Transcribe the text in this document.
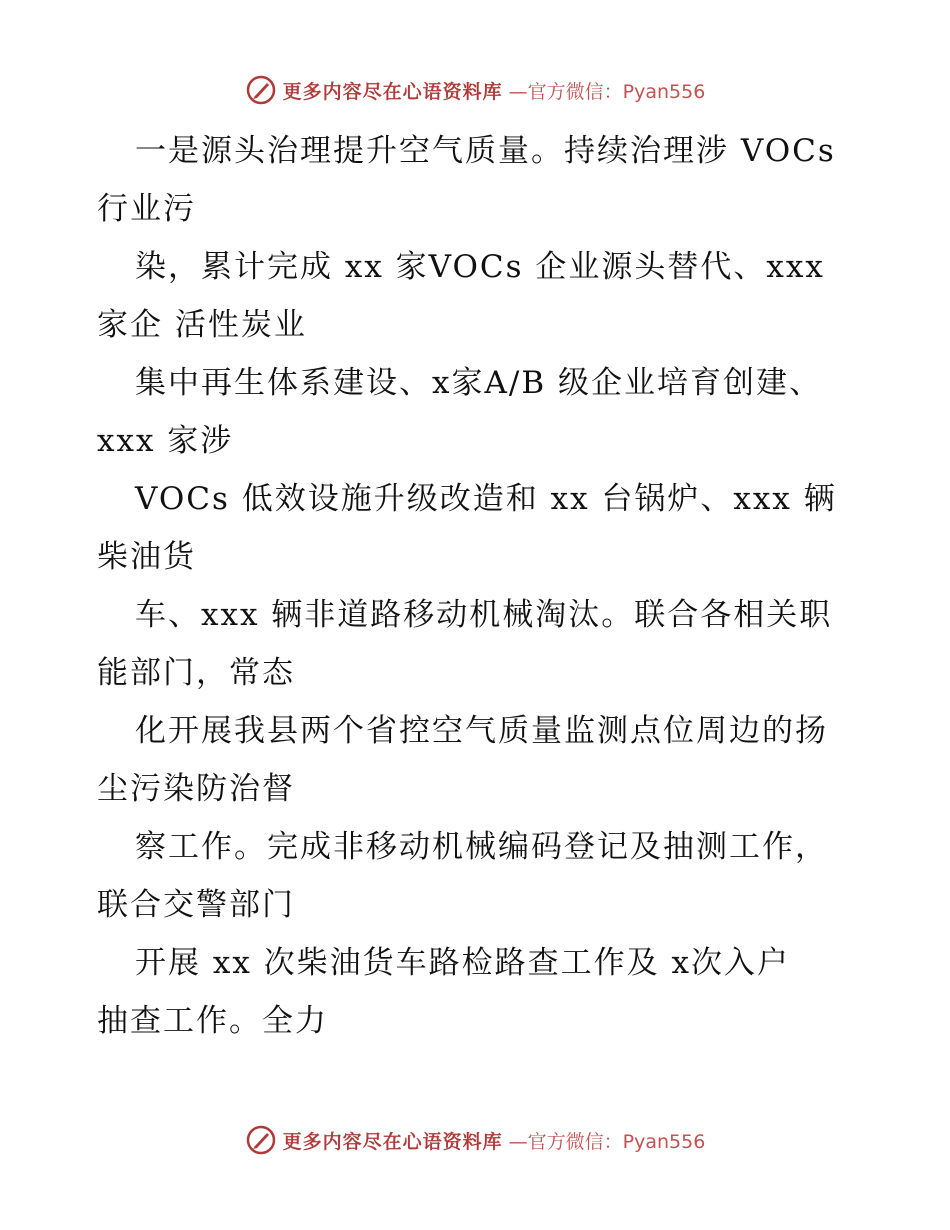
更多内容尽在心语资料库 —官方微信：Pyan556
一是源头治理提升空气质量。持续治理涉 VOCs
行业污
染，累计完成 xx 家VOCs 企业源头替代、xxx
家企 活性炭业
集中再生体系建设、x家A/B 级企业培育创建、
xxx 家涉
VOCs 低效设施升级改造和 xx 台锅炉、xxx 辆
柴油货
车、xxx 辆非道路移动机械淘汰。联合各相关职
能部门，常态
化开展我县两个省控空气质量监测点位周边的扬
尘污染防治督
察工作。完成非移动机械编码登记及抽测工作，
联合交警部门
开展 xx 次柴油货车路检路查工作及 x次入户
抽查工作。全力
更多内容尽在心语资料库 —官方微信：Pyan556
